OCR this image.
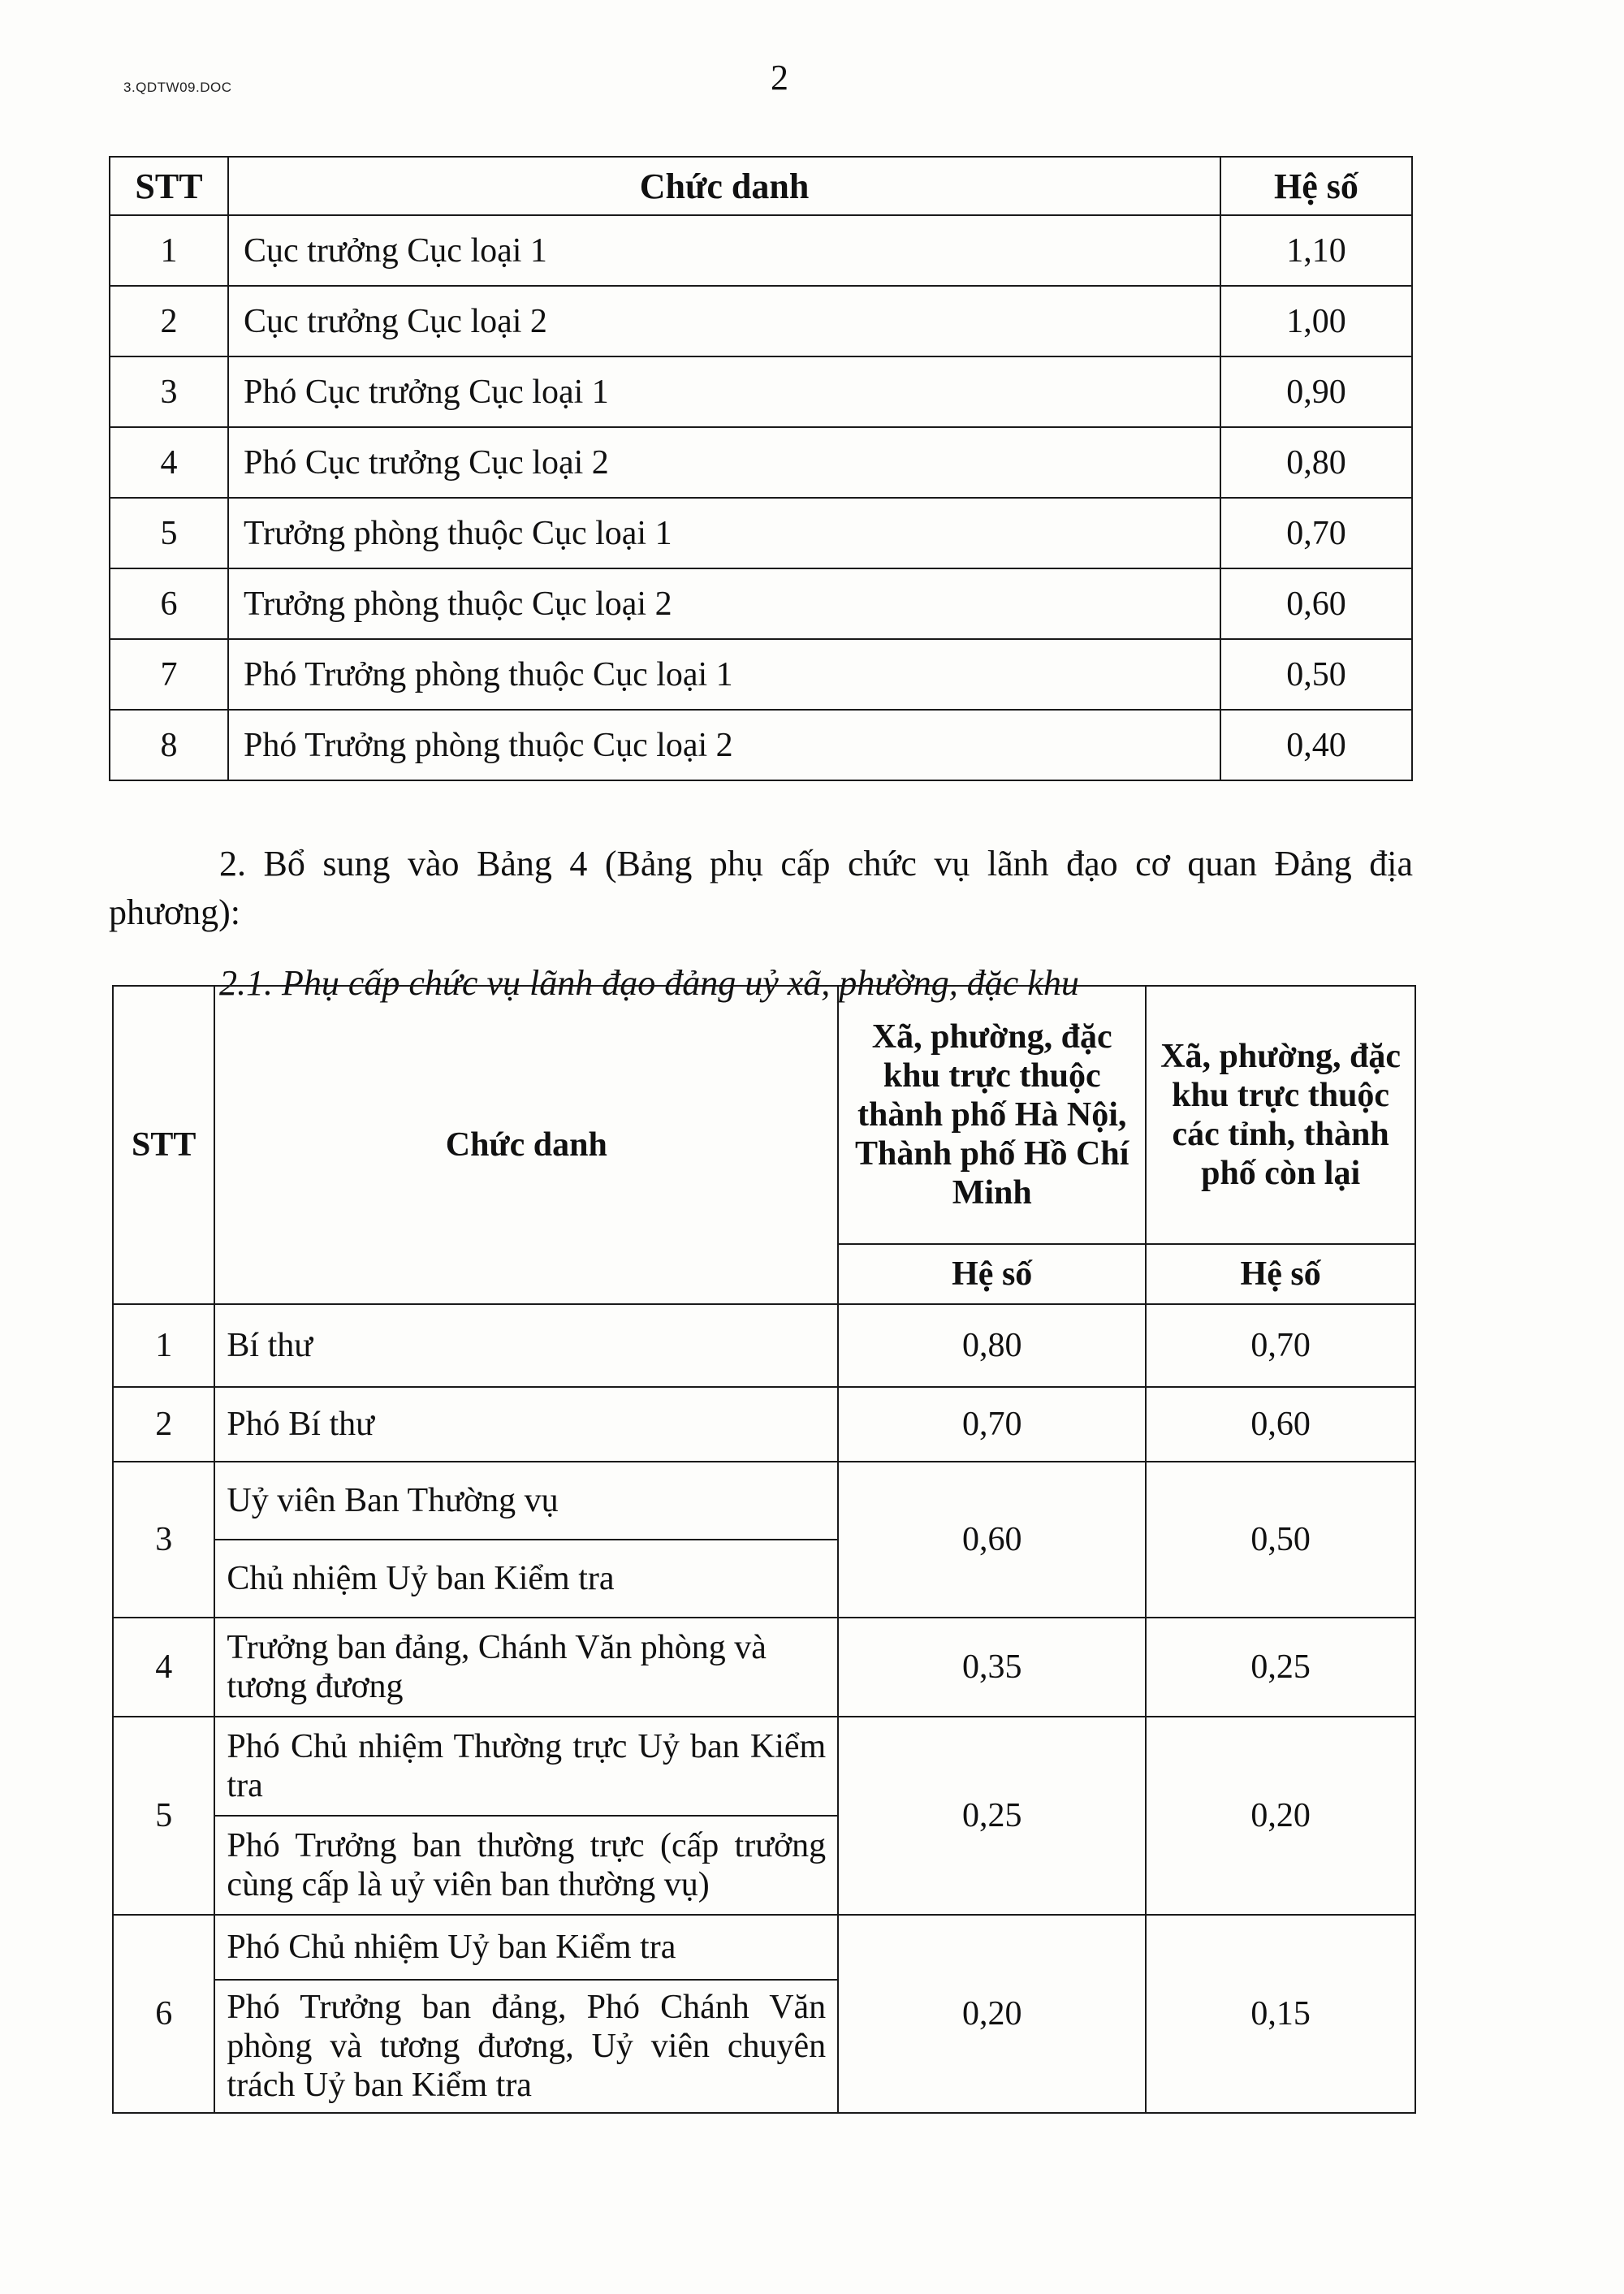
3.QDTW09.DOC	2
STT	Chức danh	Hệ số
1	Cục trưởng Cục loại 1	1,10
2	Cục trưởng Cục loại 2	1,00
3	Phó Cục trưởng Cục loại 1	0,90
4	Phó Cục trưởng Cục loại 2	0,80
5	Trưởng phòng thuộc Cục loại 1	0,70
6	Trưởng phòng thuộc Cục loại 2	0,60
7	Phó Trưởng phòng thuộc Cục loại 1	0,50
8	Phó Trưởng phòng thuộc Cục loại 2	0,40

2. Bổ sung vào Bảng 4 (Bảng phụ cấp chức vụ lãnh đạo cơ quan Đảng địa phương):

2.1. Phụ cấp chức vụ lãnh đạo đảng uỷ xã, phường, đặc khu

STT	Chức danh	Xã, phường, đặc khu trực thuộc thành phố Hà Nội, Thành phố Hồ Chí Minh	Xã, phường, đặc khu trực thuộc các tỉnh, thành phố còn lại
		Hệ số	Hệ số
1	Bí thư	0,80	0,70
2	Phó Bí thư	0,70	0,60
3	Uỷ viên Ban Thường vụ	0,60	0,50
	Chủ nhiệm Uỷ ban Kiểm tra		
4	Trưởng ban đảng, Chánh Văn phòng và tương đương	0,35	0,25
5	Phó Chủ nhiệm Thường trực Uỷ ban Kiểm tra	0,25	0,20
	Phó Trưởng ban thường trực (cấp trưởng cùng cấp là uỷ viên ban thường vụ)		
6	Phó Chủ nhiệm Uỷ ban Kiểm tra	0,20	0,15
	Phó Trưởng ban đảng, Phó Chánh Văn phòng và tương đương, Uỷ viên chuyên trách Uỷ ban Kiểm tra		
